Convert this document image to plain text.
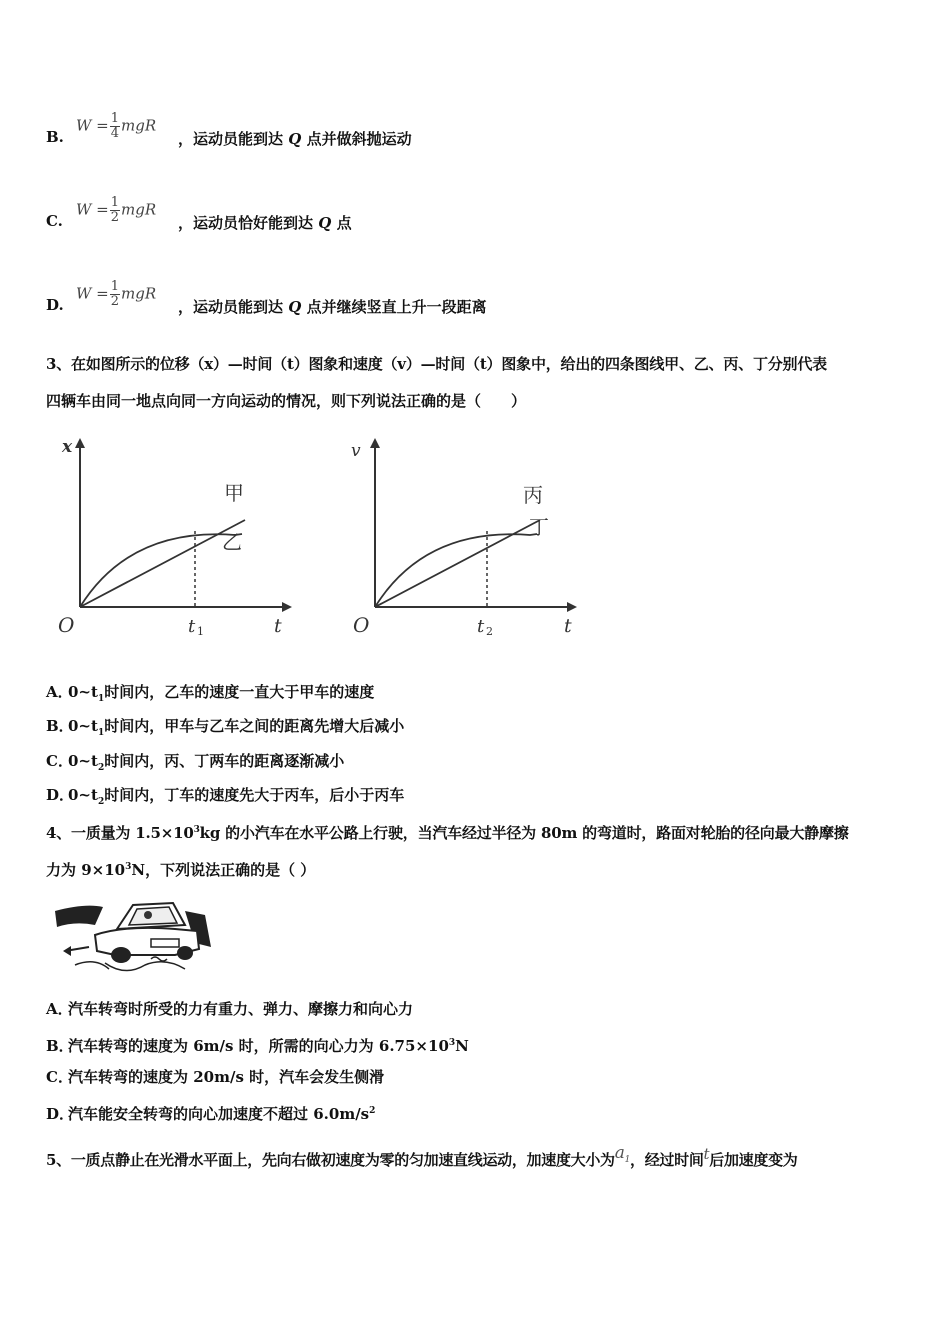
B.
$W = \frac{1}{4}$ mgR
，运动员能到达 Q 点并做斜抛运动
C.
$W = \frac{1}{2}$ mgR
，运动员恰好能到达 Q 点
D.
$W = \frac{1}{2}$ mgR
，运动员能到达 Q 点并继续竖直上升一段距离
3、在如图所示的位移（x）—时间（t）图象和速度（v）—时间（t）图象中，给出的四条图线甲、乙、丙、丁分别代表
四辆车由同一地点向同一方向运动的情况，则下列说法正确的是（　　）
x
t
O	t 1
甲
乙
v
t
O	t 2
丙
丁
A．$0\sim t_1$时间内，乙车的速度一直大于甲车的速度
B．$0\sim t_1$时间内，甲车与乙车之间的距离先增大后减小
C．$0\sim t_2$时间内，丙、丁两车的距离逐渐减小
D．$0\sim t_2$时间内，丁车的速度先大于丙车，后小于丙车
4、一质量为 $1.5\times 10^3kg$ 的小汽车在水平公路上行驶，当汽车经过半径为 80m 的弯道时，路面对轮胎的径向最大静摩擦
力为 $9\times 10^3N$，下列说法正确的是（ ）
A．汽车转弯时所受的力有重力、弹力、摩擦力和向心力
B．汽车转弯的速度为 6m/s 时，所需的向心力为 $6.75\times 10^3N$
C．汽车转弯的速度为 20m/s 时，汽车会发生侧滑
D．汽车能安全转弯的向心加速度不超过 $6.0m/s^2$
5、一质点静止在光滑水平面上，先向右做初速度为零的匀加速直线运动，加速度大小为$a_1$，经过时间t后加速度变为
